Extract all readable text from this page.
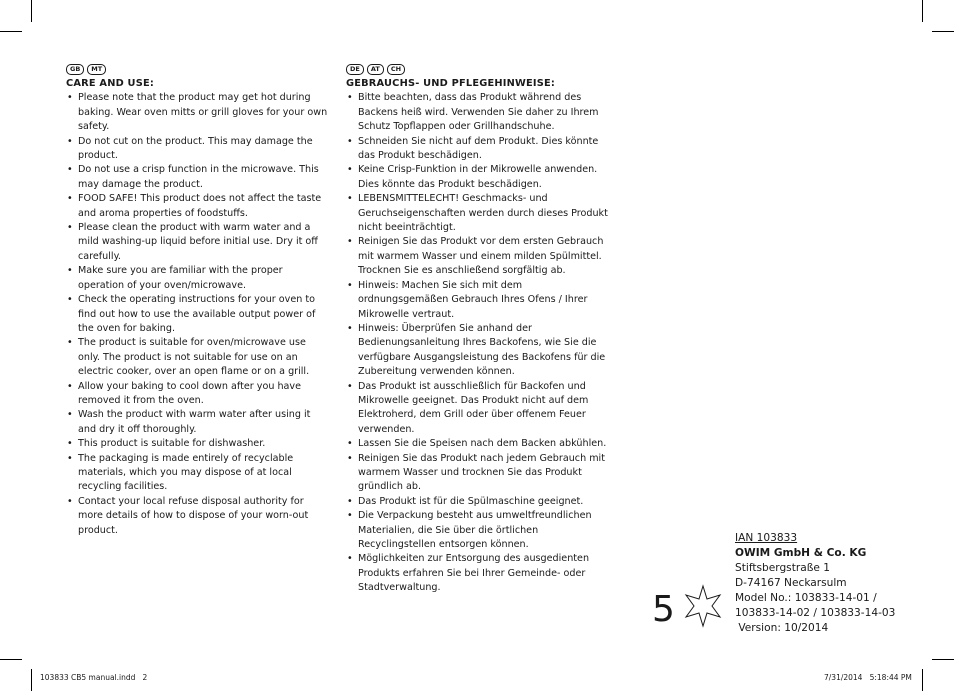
GB	MT
CARE AND USE:
• Please note that the product may get hot during baking. Wear oven mitts or grill gloves for your own safety.
• Do not cut on the product. This may damage the product.
• Do not use a crisp function in the microwave. This may damage the product.
• FOOD SAFE! This product does not affect the taste and aroma properties of foodstuffs.
• Please clean the product with warm water and a mild washing-up liquid before initial use. Dry it off carefully.
• Make sure you are familiar with the proper operation of your oven/microwave.
• Check the operating instructions for your oven to find out how to use the available output power of the oven for baking.
• The product is suitable for oven/microwave use only. The product is not suitable for use on an electric cooker, over an open flame or on a grill.
• Allow your baking to cool down after you have removed it from the oven.
• Wash the product with warm water after using it and dry it off thoroughly.
• This product is suitable for dishwasher.
• The packaging is made entirely of recyclable materials, which you may dispose of at local recycling facilities.
• Contact your local refuse disposal authority for more details of how to dispose of your worn-out product.
DE	AT	CH
GEBRAUCHS- UND PFLEGEHINWEISE:
• Bitte beachten, dass das Produkt während des Backens heiß wird. Verwenden Sie daher zu Ihrem Schutz Topflappen oder Grillhandschuhe.
• Schneiden Sie nicht auf dem Produkt. Dies könnte das Produkt beschädigen.
• Keine Crisp-Funktion in der Mikrowelle anwenden. Dies könnte das Produkt beschädigen.
• LEBENSMITTELECHT! Geschmacks- und Geruchseigenschaften werden durch dieses Produkt nicht beeinträchtigt.
• Reinigen Sie das Produkt vor dem ersten Gebrauch mit warmem Wasser und einem milden Spülmittel. Trocknen Sie es anschließend sorgfältig ab.
• Hinweis: Machen Sie sich mit dem ordnungsgemäßen Gebrauch Ihres Ofens / Ihrer Mikrowelle vertraut.
• Hinweis: Überprüfen Sie anhand der Bedienungsanleitung Ihres Backofens, wie Sie die verfügbare Ausgangsleistung des Backofens für die Zubereitung verwenden können.
• Das Produkt ist ausschließlich für Backofen und Mikrowelle geeignet. Das Produkt nicht auf dem Elektroherd, dem Grill oder über offenem Feuer verwenden.
• Lassen Sie die Speisen nach dem Backen abkühlen.
• Reinigen Sie das Produkt nach jedem Gebrauch mit warmem Wasser und trocknen Sie das Produkt gründlich ab.
• Das Produkt ist für die Spülmaschine geeignet.
• Die Verpackung besteht aus umweltfreundlichen Materialien, die Sie über die örtlichen Recyclingstellen entsorgen können.
• Möglichkeiten zur Entsorgung des ausgedienten Produkts erfahren Sie bei Ihrer Gemeinde- oder Stadtverwaltung.
5
IAN 103833
OWIM GmbH & Co. KG
Stiftsbergstraße 1
D-74167 Neckarsulm
Model No.: 103833-14-01 /
103833-14-02 / 103833-14-03
Version: 10/2014
103833 CB5 manual.indd   2	7/31/2014   5:18:44 PM
